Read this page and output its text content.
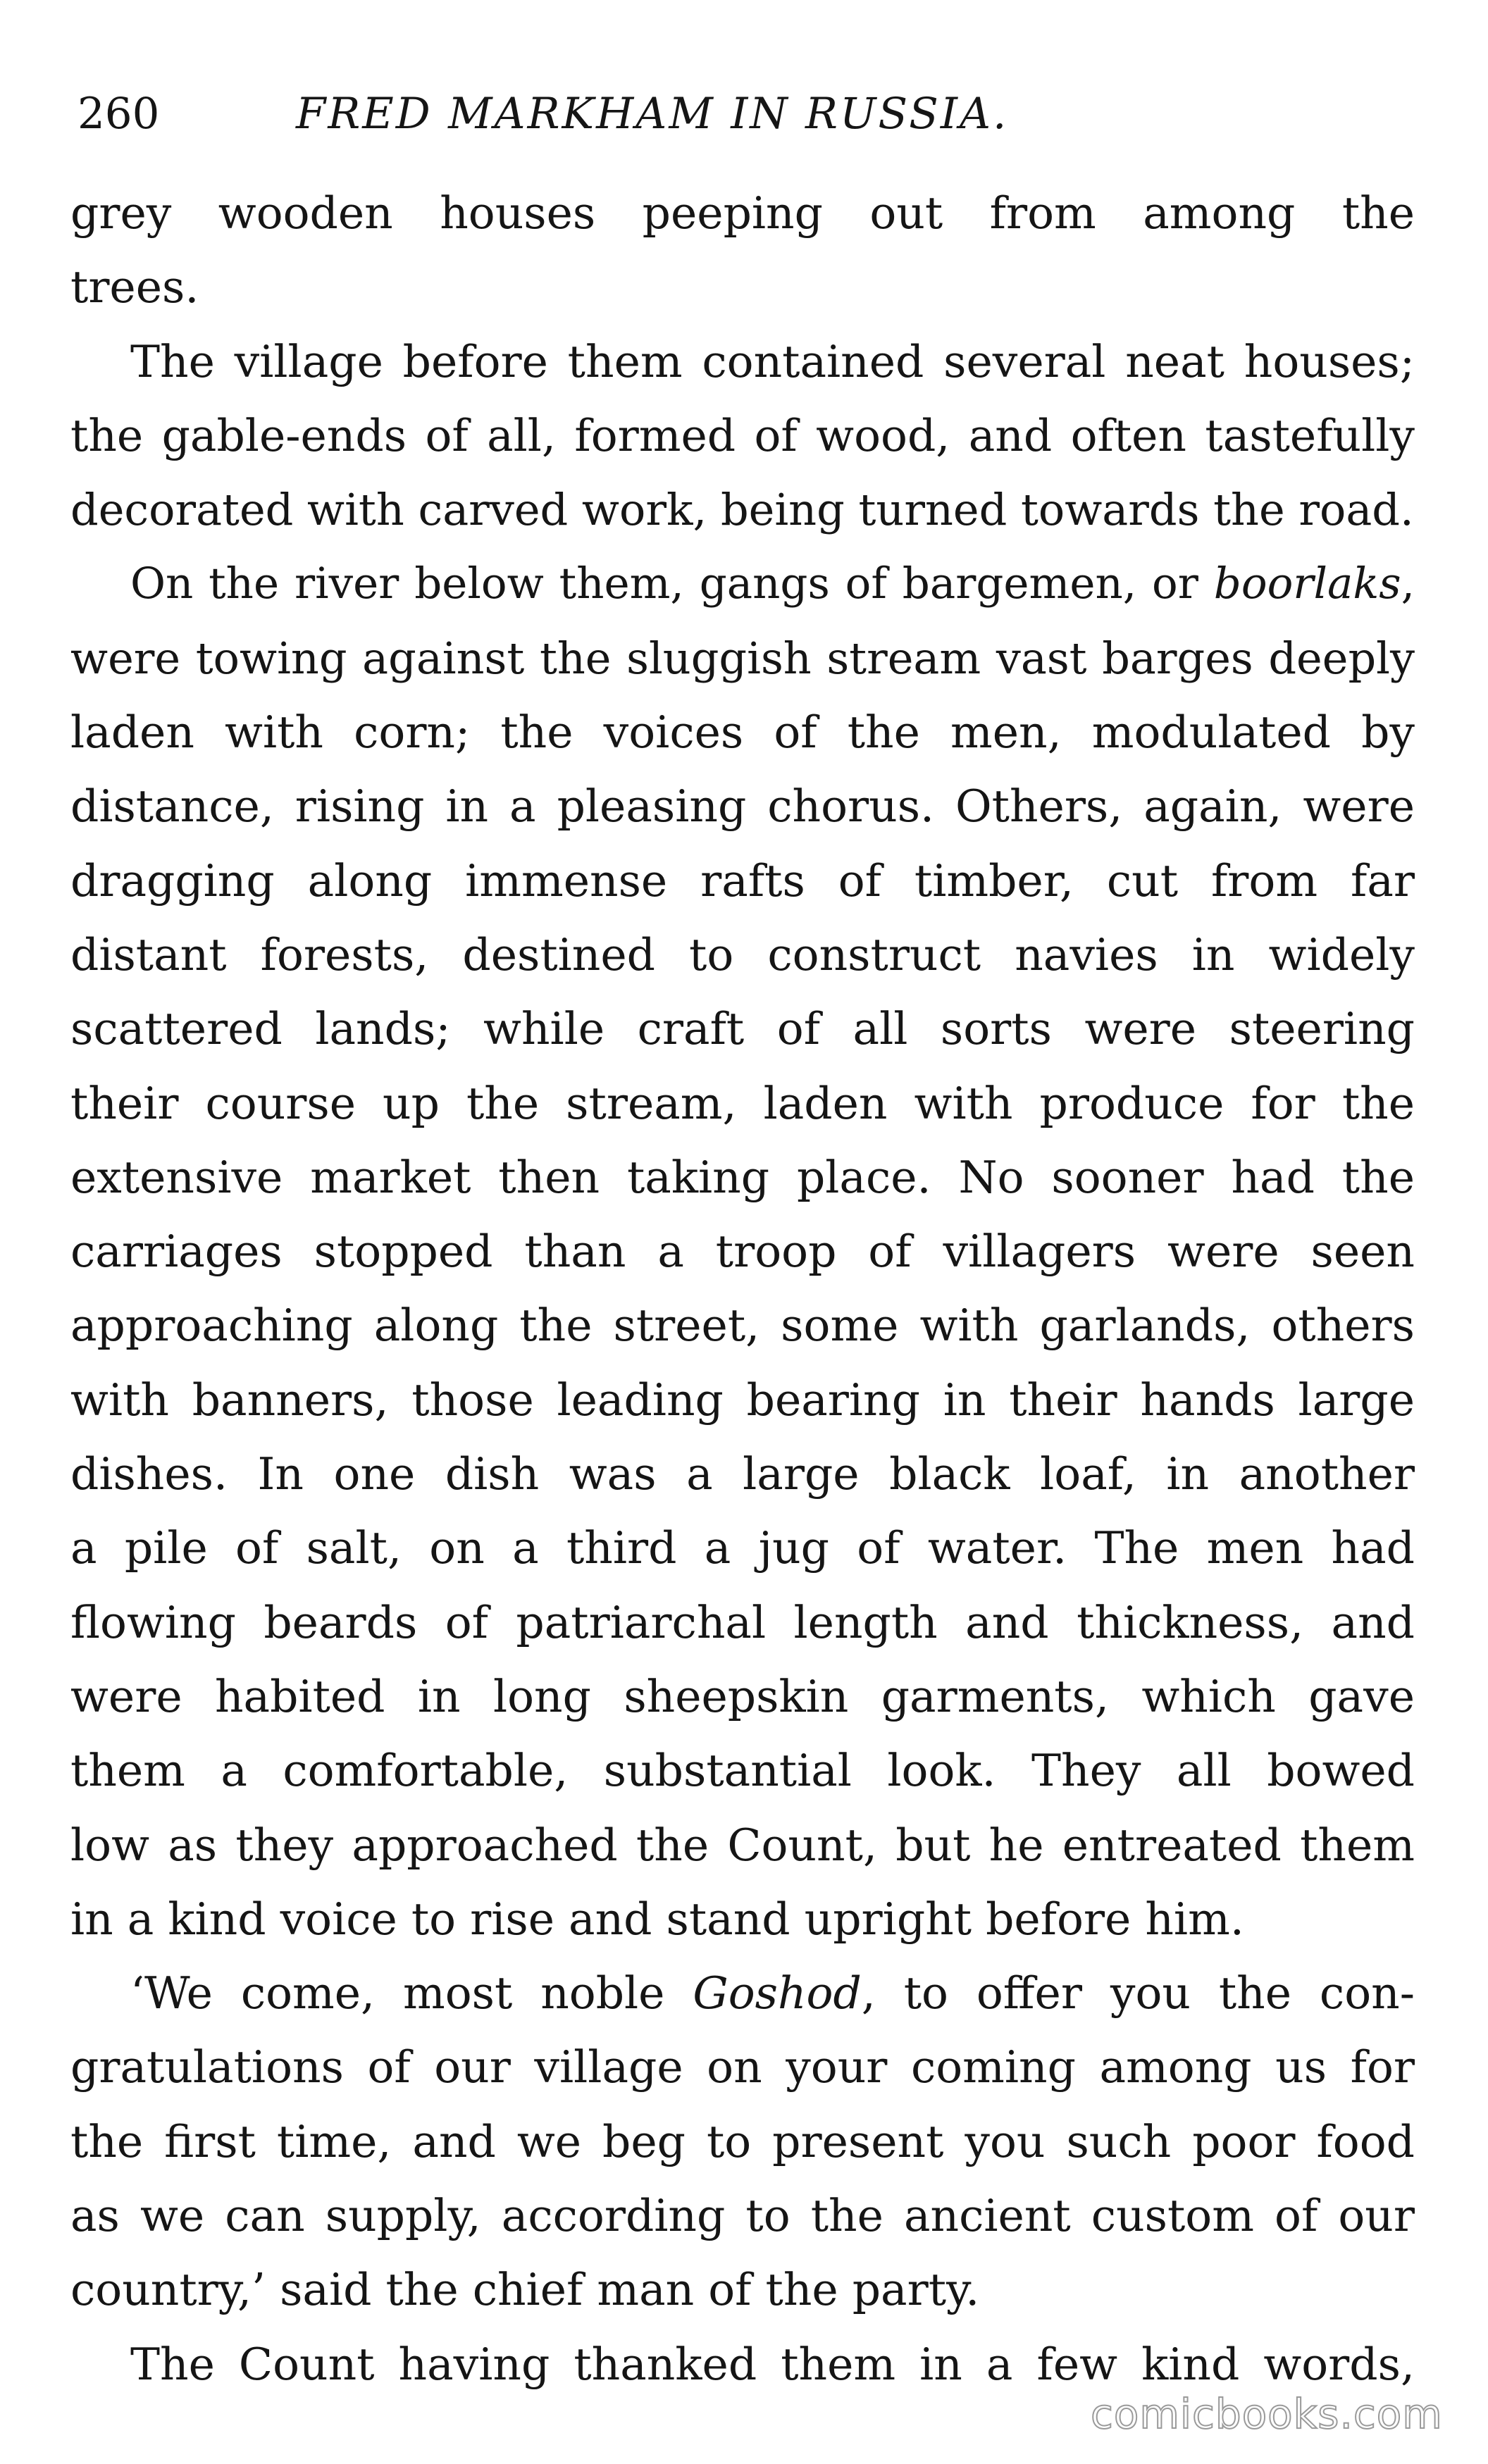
260	FRED MARKHAM IN RUSSIA.
grey wooden houses peeping out from among the
trees.
The village before them contained several neat houses;
the gable-ends of all, formed of wood, and often tastefully
decorated with carved work, being turned towards the road.
On the river below them, gangs of bargemen, or boorlaks,
were towing against the sluggish stream vast barges deeply
laden with corn; the voices of the men, modulated by
distance, rising in a pleasing chorus. Others, again, were
dragging along immense rafts of timber, cut from far
distant forests, destined to construct navies in widely
scattered lands; while craft of all sorts were steering
their course up the stream, laden with produce for the
extensive market then taking place. No sooner had the
carriages stopped than a troop of villagers were seen
approaching along the street, some with garlands, others
with banners, those leading bearing in their hands large
dishes. In one dish was a large black loaf, in another
a pile of salt, on a third a jug of water. The men had
flowing beards of patriarchal length and thickness, and
were habited in long sheepskin garments, which gave
them a comfortable, substantial look. They all bowed
low as they approached the Count, but he entreated them
in a kind voice to rise and stand upright before him.
‘We come, most noble Goshod, to offer you the con-
gratulations of our village on your coming among us for
the first time, and we beg to present you such poor food
as we can supply, according to the ancient custom of our
country,’ said the chief man of the party.
The Count having thanked them in a few kind words,
comicbooks.com
